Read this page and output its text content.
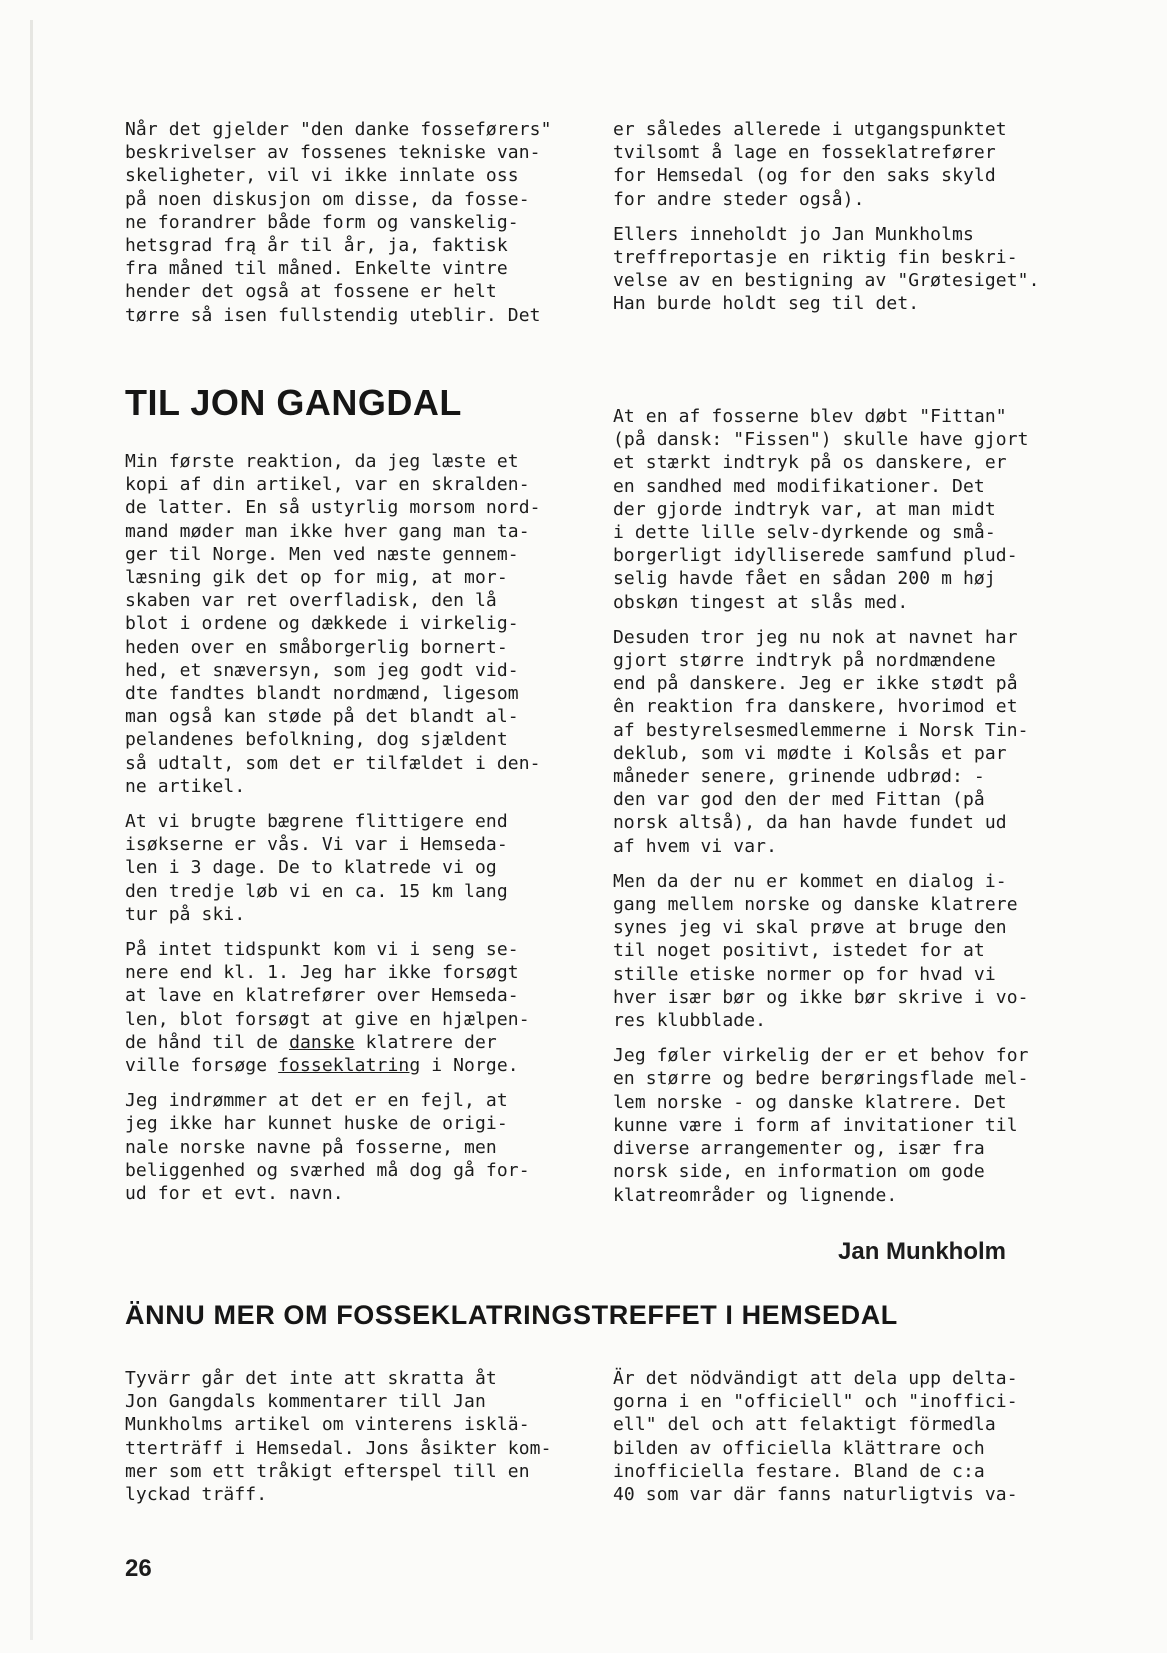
Når det gjelder "den danke fosseførers"
beskrivelser av fossenes tekniske van-
skeligheter, vil vi ikke innlate oss
på noen diskusjon om disse, da fosse-
ne forandrer både form og vanskelig-
hetsgrad frą år til år, ja, faktisk
fra måned til måned. Enkelte vintre
hender det også at fossene er helt
tørre så isen fullstendig uteblir. Det

er således allerede i utgangspunktet
tvilsomt å lage en fosseklatrefører
for Hemsedal (og for den saks skyld
for andre steder også).

Ellers inneholdt jo Jan Munkholms
treffreportasje en riktig fin beskri-
velse av en bestigning av "Grøtesiget".
Han burde holdt seg til det.

TIL JON GANGDAL

Min første reaktion, da jeg læste et
kopi af din artikel, var en skralden-
de latter. En så ustyrlig morsom nord-
mand møder man ikke hver gang man ta-
ger til Norge. Men ved næste gennem-
læsning gik det op for mig, at mor-
skaben var ret overfladisk, den lå
blot i ordene og dækkede i virkelig-
heden over en småborgerlig bornert-
hed, et snæversyn, som jeg godt vid-
dte fandtes blandt nordmænd, ligesom
man også kan støde på det blandt al-
pelandenes befolkning, dog sjældent
så udtalt, som det er tilfældet i den-
ne artikel.

At vi brugte bægrene flittigere end
isøkserne er vås. Vi var i Hemseda-
len i 3 dage. De to klatrede vi og
den tredje løb vi en ca. 15 km lang
tur på ski.

På intet tidspunkt kom vi i seng se-
nere end kl. 1. Jeg har ikke forsøgt
at lave en klatrefører over Hemseda-
len, blot forsøgt at give en hjælpen-
de hånd til de danske klatrere der
ville forsøge fosseklatring i Norge.

Jeg indrømmer at det er en fejl, at
jeg ikke har kunnet huske de origi-
nale norske navne på fosserne, men
beliggenhed og sværhed må dog gå for-
ud for et evt. navn.

At en af fosserne blev døbt "Fittan"
(på dansk: "Fissen") skulle have gjort
et stærkt indtryk på os danskere, er
en sandhed med modifikationer. Det
der gjorde indtryk var, at man midt
i dette lille selv-dyrkende og små-
borgerligt idylliserede samfund plud-
selig havde fået en sådan 200 m høj
obskøn tingest at slås med.

Desuden tror jeg nu nok at navnet har
gjort større indtryk på nordmændene
end på danskere. Jeg er ikke stødt på
ên reaktion fra danskere, hvorimod et
af bestyrelsesmedlemmerne i Norsk Tin-
deklub, som vi mødte i Kolsås et par
måneder senere, grinende udbrød: -
den var god den der med Fittan (på
norsk altså), da han havde fundet ud
af hvem vi var.

Men da der nu er kommet en dialog i-
gang mellem norske og danske klatrere
synes jeg vi skal prøve at bruge den
til noget positivt, istedet for at
stille etiske normer op for hvad vi
hver især bør og ikke bør skrive i vo-
res klubblade.

Jeg føler virkelig der er et behov for
en større og bedre berøringsflade mel-
lem norske - og danske klatrere. Det
kunne være i form af invitationer til
diverse arrangementer og, især fra
norsk side, en information om gode
klatreområder og lignende.

Jan Munkholm
ÄNNU MER OM FOSSEKLATRINGSTREFFET I HEMSEDAL

Tyvärr går det inte att skratta åt
Jon Gangdals kommentarer till Jan
Munkholms artikel om vinterens isklä-
tterträff i Hemsedal. Jons åsikter kom-
mer som ett tråkigt efterspel till en
lyckad träff.

Är det nödvändigt att dela upp delta-
gorna i en "officiell" och "inoffici-
ell" del och att felaktigt förmedla
bilden av officiella klättrare och
inofficiella festare. Bland de c:a
40 som var där fanns naturligtvis va-

26
